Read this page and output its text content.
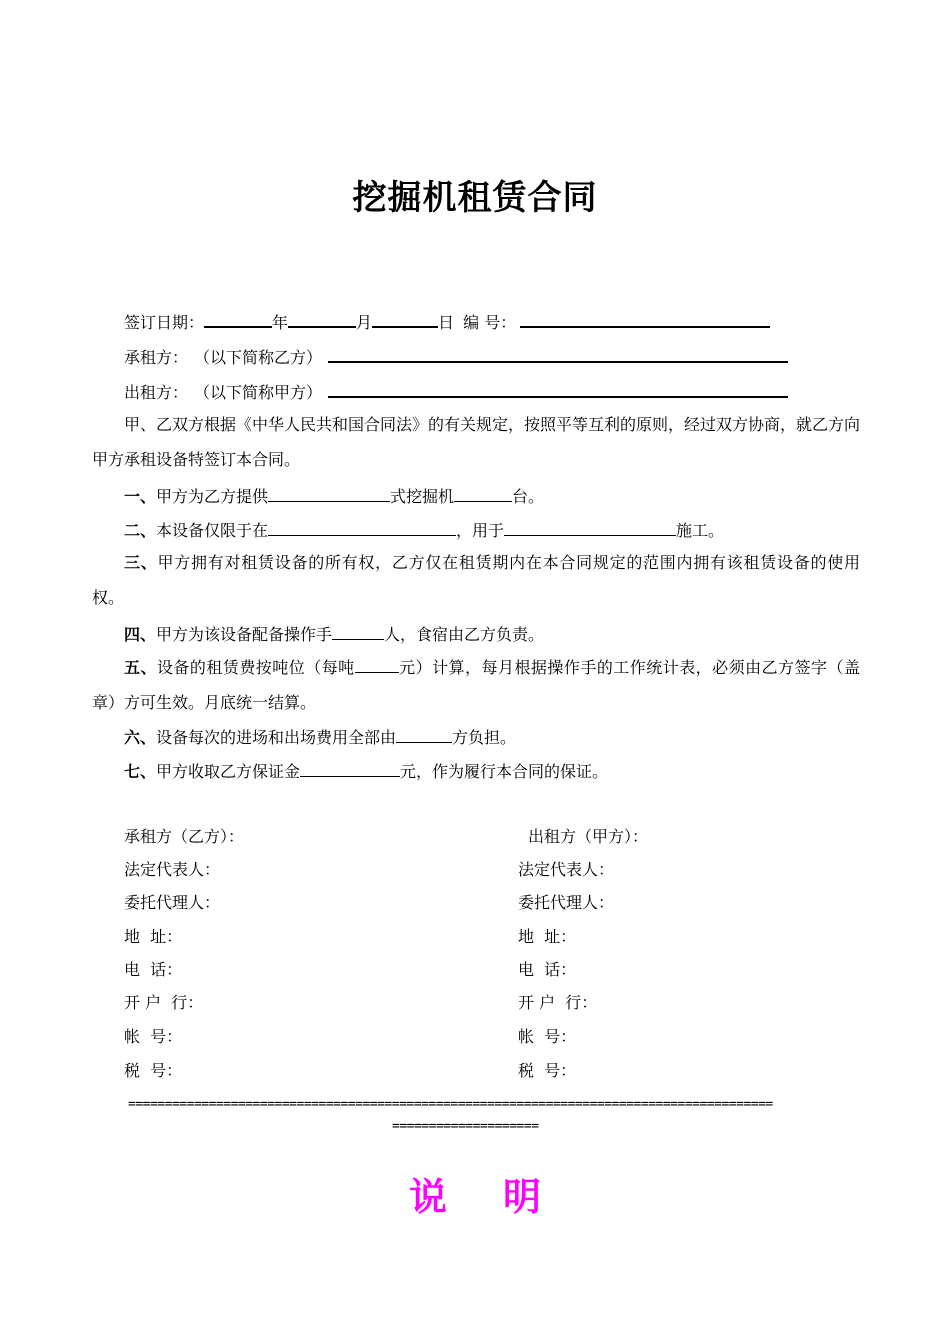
挖掘机租赁合同
签订日期：	年	月	日 编 号：
承租方： （以下简称乙方）
出租方： （以下简称甲方）
甲、乙双方根据《中华人民共和国合同法》的有关规定，按照平等互利的原则，经过双方协商，就乙方向甲方承租设备特签订本合同。
一、甲方为乙方提供	式挖掘机	台。
二、本设备仅限于在	，用于	施工。
三、甲方拥有对租赁设备的所有权，乙方仅在租赁期内在本合同规定的范围内拥有该租赁设备的使用权。
四、甲方为该设备配备操作手	人，食宿由乙方负责。
五、设备的租赁费按吨位（每吨	元）计算，每月根据操作手的工作统计表，必须由乙方签字（盖章）方可生效。月底统一结算。
六、设备每次的进场和出场费用全部由	方负担。
七、甲方收取乙方保证金	元，作为履行本合同的保证。
承租方（乙方）：	出租方（甲方）：
法定代表人：	法定代表人：
委托代理人：	委托代理人：
地  址：	地  址：
电  话：	电  话：
开 户  行：	开 户  行：
帐  号：	帐  号：
税  号：	税  号：
========================================================================================
====================
说 明
